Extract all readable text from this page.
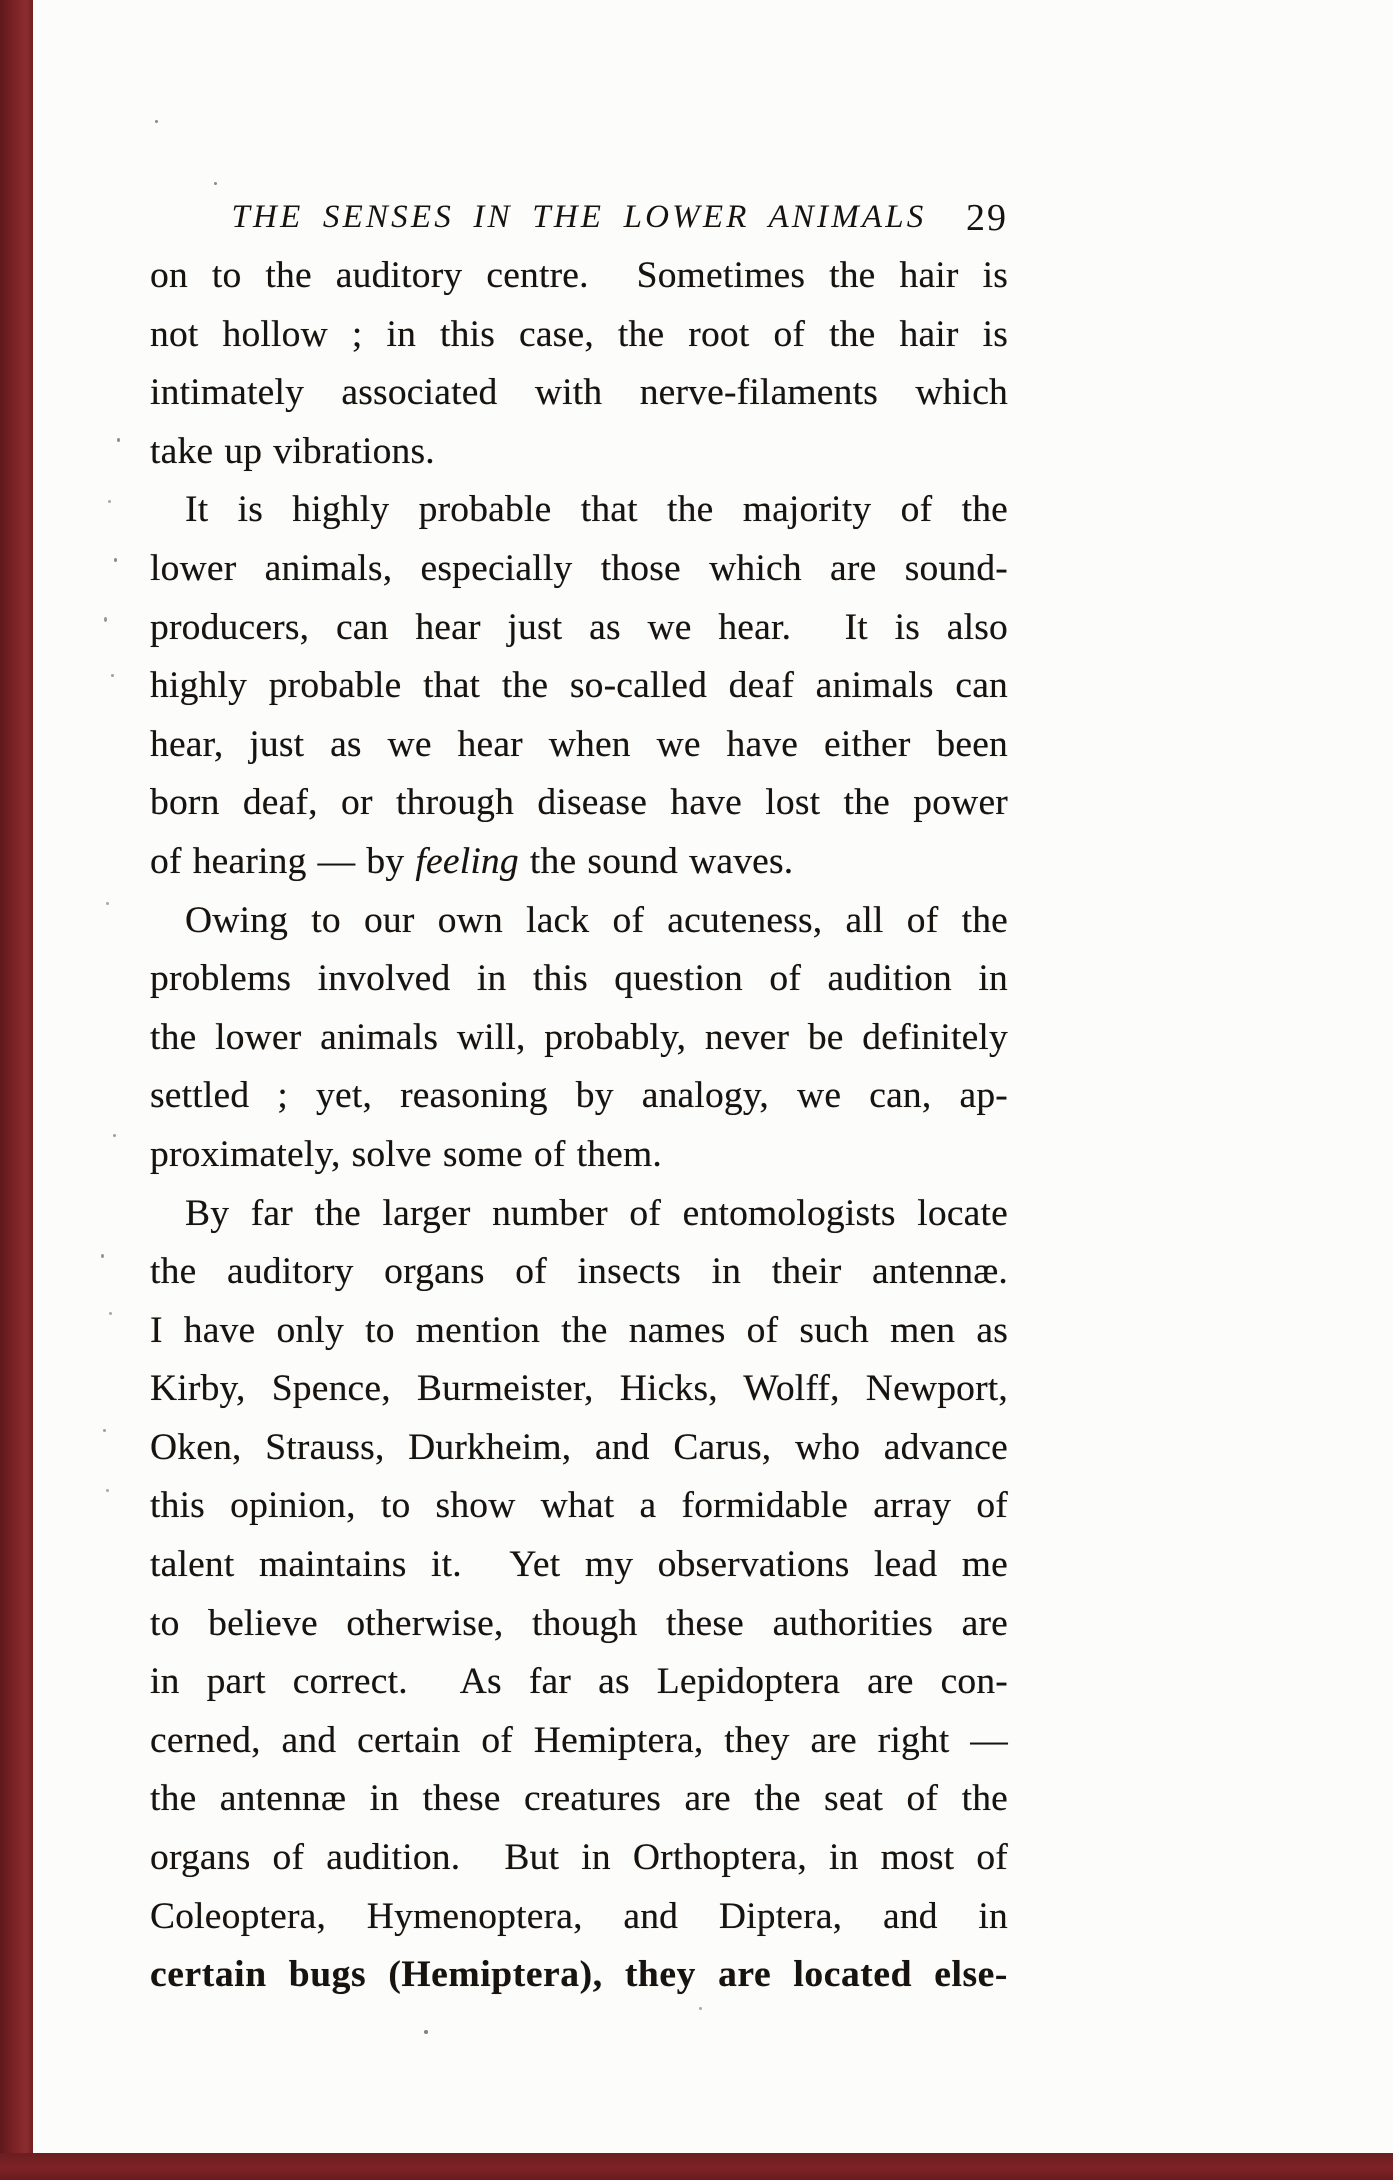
THE SENSES IN THE LOWER ANIMALS	29
on to the auditory centre.  Sometimes the hair is
not hollow ; in this case, the root of the hair is
intimately associated with nerve-filaments which
take up vibrations.
It is highly probable that the majority of the
lower animals, especially those which are sound-
producers, can hear just as we hear.  It is also
highly probable that the so-called deaf animals can
hear, just as we hear when we have either been
born deaf, or through disease have lost the power
of hearing — by feeling the sound waves.
Owing to our own lack of acuteness, all of the
problems involved in this question of audition in
the lower animals will, probably, never be definitely
settled ; yet, reasoning by analogy, we can, ap-
proximately, solve some of them.
By far the larger number of entomologists locate
the auditory organs of insects in their antennæ.
I have only to mention the names of such men as
Kirby, Spence, Burmeister, Hicks, Wolff, Newport,
Oken, Strauss, Durkheim, and Carus, who advance
this opinion, to show what a formidable array of
talent maintains it.  Yet my observations lead me
to believe otherwise, though these authorities are
in part correct.  As far as Lepidoptera are con-
cerned, and certain of Hemiptera, they are right —
the antennæ in these creatures are the seat of the
organs of audition.  But in Orthoptera, in most of
Coleoptera, Hymenoptera, and Diptera, and in
certain bugs (Hemiptera), they are located else-
